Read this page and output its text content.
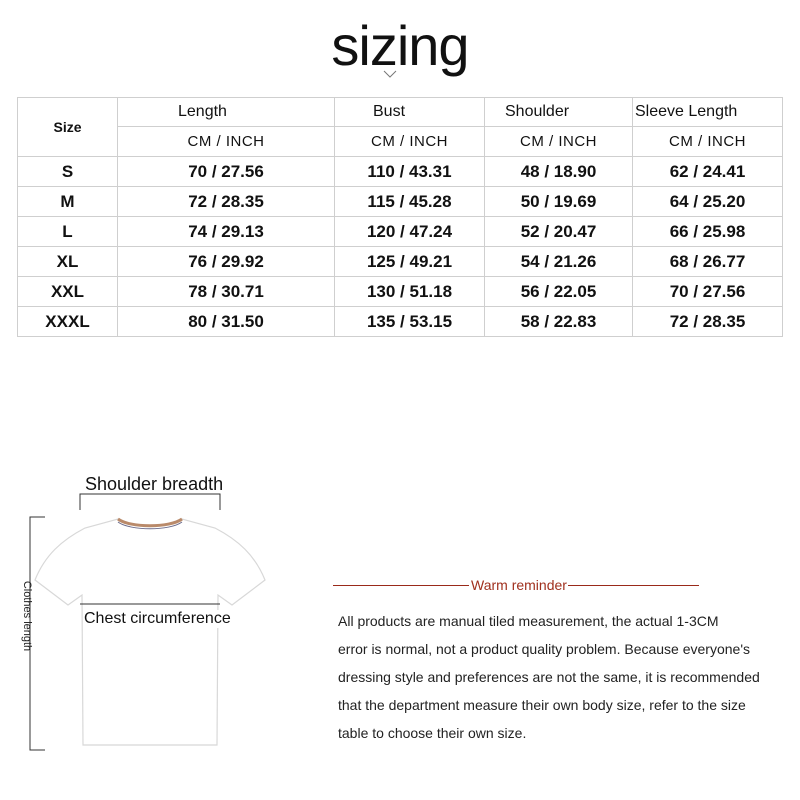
sizing
Size	Length	Bust	Shoulder	Sleeve Length
	CM / INCH	CM / INCH	CM / INCH	CM / INCH
S	70 / 27.56	110 / 43.31	48 / 18.90	62 / 24.41
M	72 / 28.35	115 / 45.28	50 / 19.69	64 / 25.20
L	74 / 29.13	120 / 47.24	52 / 20.47	66 / 25.98
XL	76 / 29.92	125 / 49.21	54 / 21.26	68 / 26.77
XXL	78 / 30.71	130 / 51.18	56 / 22.05	70 / 27.56
XXXL	80 / 31.50	135 / 53.15	58 / 22.83	72 / 28.35
Shoulder breadth
Chest circumference
Clothes length	Warm reminder
All products are manual tiled measurement, the actual 1-3CM
error is normal, not a product quality problem. Because everyone's
dressing style and preferences are not the same, it is recommended
that the department measure their own body size, refer to the size
table to choose their own size.
